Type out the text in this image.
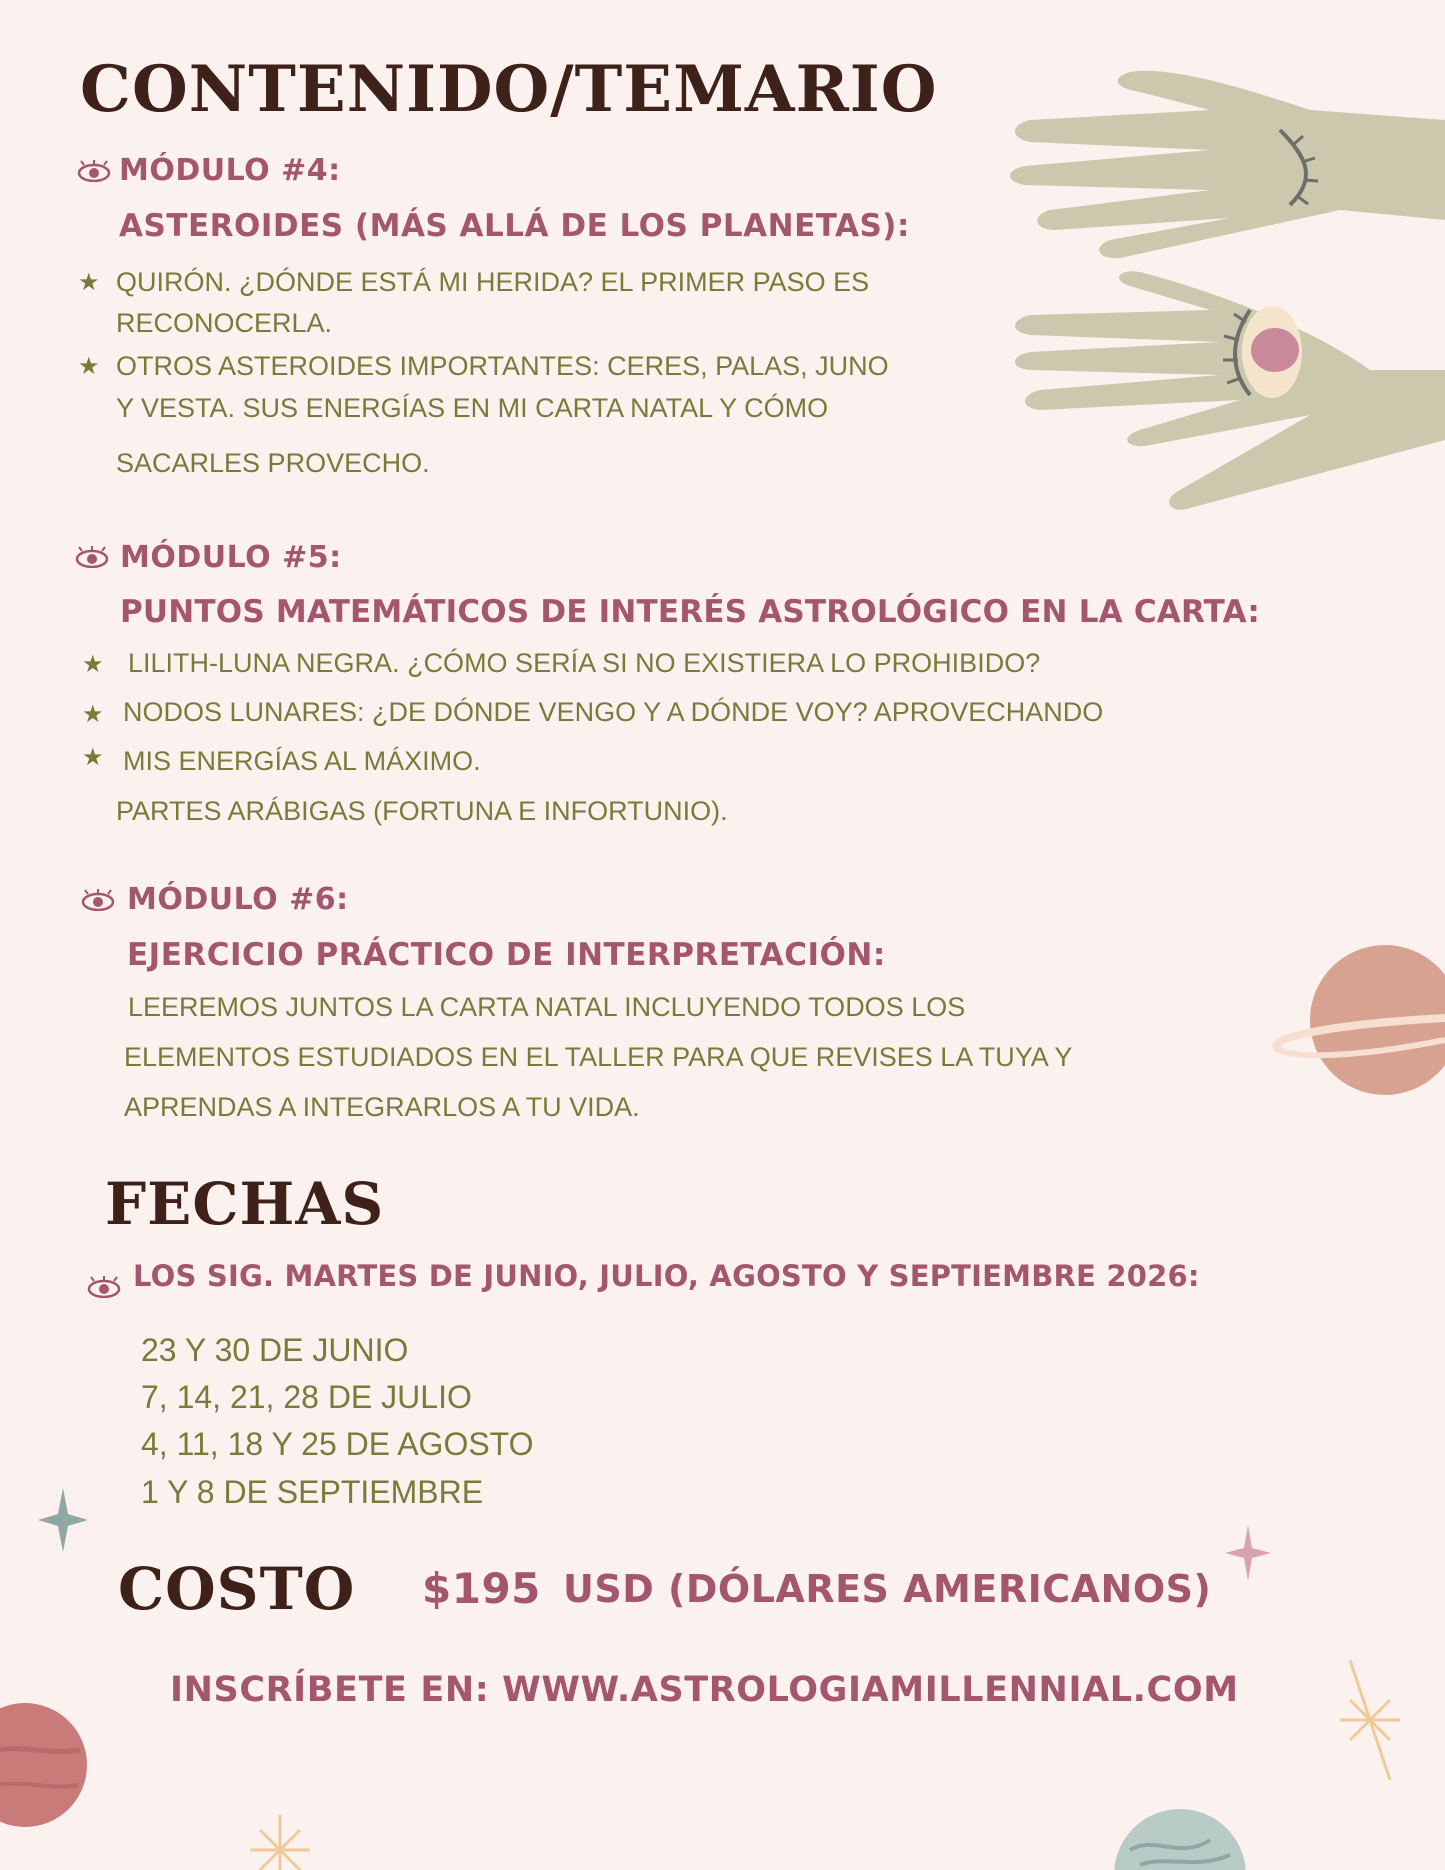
CONTENIDO/TEMARIO
MÓDULO #4:
ASTEROIDES (MÁS ALLÁ DE LOS PLANETAS):
★ QUIRÓN. ¿DÓNDE ESTÁ MI HERIDA? EL PRIMER PASO ES
RECONOCERLA.
★ OTROS ASTEROIDES IMPORTANTES: CERES, PALAS, JUNO
Y VESTA. SUS ENERGÍAS EN MI CARTA NATAL Y CÓMO
SACARLES PROVECHO.
MÓDULO #5:
PUNTOS MATEMÁTICOS DE INTERÉS ASTROLÓGICO EN LA CARTA:
★ LILITH-LUNA NEGRA. ¿CÓMO SERÍA SI NO EXISTIERA LO PROHIBIDO?
★ NODOS LUNARES: ¿DE DÓNDE VENGO Y A DÓNDE VOY? APROVECHANDO
★ MIS ENERGÍAS AL MÁXIMO.
PARTES ARÁBIGAS (FORTUNA E INFORTUNIO).
MÓDULO #6:
EJERCICIO PRÁCTICO DE INTERPRETACIÓN:
LEEREMOS JUNTOS LA CARTA NATAL INCLUYENDO TODOS LOS
ELEMENTOS ESTUDIADOS EN EL TALLER PARA QUE REVISES LA TUYA Y
APRENDAS A INTEGRARLOS A TU VIDA.
FECHAS
LOS SIG. MARTES DE JUNIO, JULIO, AGOSTO Y SEPTIEMBRE 2026:
23 Y 30 DE JUNIO
7, 14, 21, 28 DE JULIO
4, 11, 18 Y 25 DE AGOSTO
1 Y 8 DE SEPTIEMBRE
COSTO $195 USD (DÓLARES AMERICANOS)
INSCRÍBETE EN: WWW.ASTROLOGIAMILLENNIAL.COM
